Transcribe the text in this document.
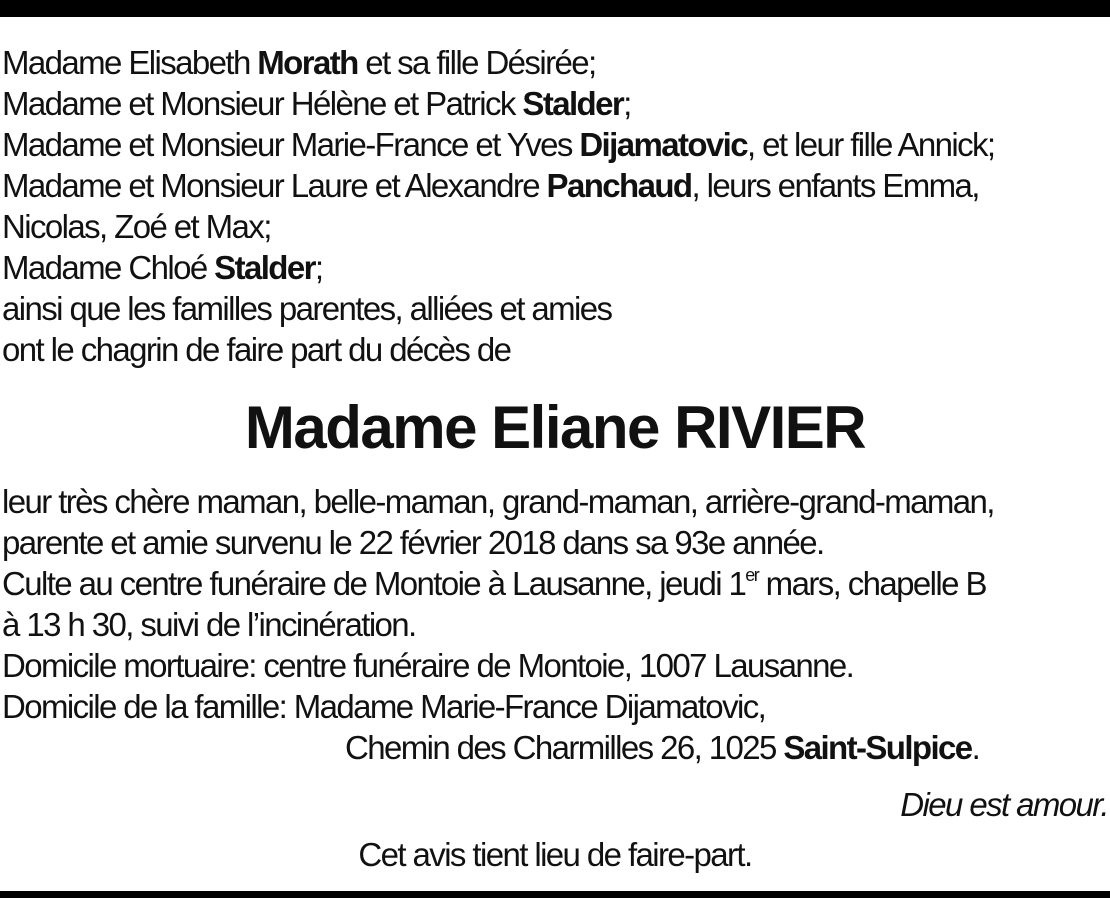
Madame Elisabeth Morath et sa fille Désirée;
Madame et Monsieur Hélène et Patrick Stalder;
Madame et Monsieur Marie-France et Yves Dijamatovic, et leur fille Annick;
Madame et Monsieur Laure et Alexandre Panchaud, leurs enfants Emma,
Nicolas, Zoé et Max;
Madame Chloé Stalder;
ainsi que les familles parentes, alliées et amies
ont le chagrin de faire part du décès de
Madame Eliane RIVIER
leur très chère maman, belle-maman, grand-maman, arrière-grand-maman,
parente et amie survenu le 22 février 2018 dans sa 93e année.
Culte au centre funéraire de Montoie à Lausanne, jeudi 1er mars, chapelle B
à 13 h 30, suivi de l’incinération.
Domicile mortuaire: centre funéraire de Montoie, 1007 Lausanne.
Domicile de la famille: Madame Marie-France Dijamatovic,
Chemin des Charmilles 26, 1025 Saint-Sulpice.
Dieu est amour.
Cet avis tient lieu de faire-part.
